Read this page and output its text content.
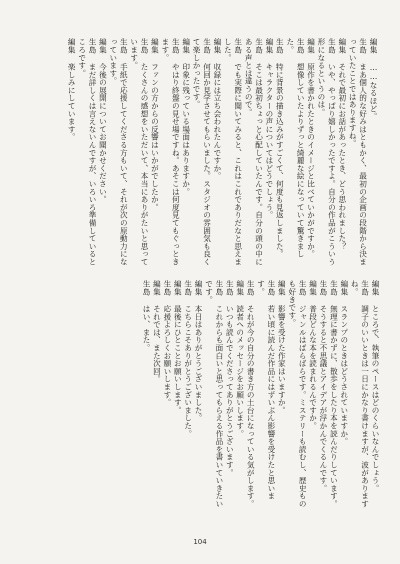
編集 ……なるほど。
生島 まあ個人的な好みはともかく、最初の企画の段階から決まっていたことではありますね。
編集 それで最初にお話があったとき、どう思われました？
生島 いや、やっぱり嬉しかったですよ。自分の作品がこういう形になるというのは。
編集 原作を書かれたときのイメージと比べていかがですか。
生島 想像していたよりずっと綺麗な絵になっていて驚きました。
生島 特に背景の描き込みがすごくて、何度も見返しました。
編集 キャラクターの声についてはどうでしょう。
生島 そこは最初ちょっと心配していたんです。自分の頭の中にある声とは違うので。
生島 でも実際に聞いてみると、これはこれでありだなと思えました。
編集 収録には立ち会われたんですか。
生島 何回か見学させてもらいました。スタジオの雰囲気も良くて楽しかったです。
編集 印象に残っている場面はありますか。
生島 やはり終盤の見せ場ですね。あそこは何度見てもぐっときます。
編集 ファンの方からの反響はいかがでしたか。
生島 たくさんの感想をいただいて、本当にありがたいと思っています。
生島 手紙で応援してくださる方もいて、それが次の原動力になっています。
編集 今後の展開についてお聞かせください。
生島 まだ詳しくは言えないんですが、いろいろ準備しているところです。
編集 楽しみにしています。
編集 ところで、執筆のペースはどのくらいなんでしょう。
生島 調子のいいときは一日にかなり書けますが、波がありますね。
編集 スランプのときはどうされていますか。
生島 無理に書かずに、散歩をしたり本を読んだりしています。
生島 そうすると不思議とアイデアが浮かんでくるんです。
編集 普段どんな本を読まれるんですか。
生島 ジャンルはばらばらです。ミステリーも読むし、歴史ものも好きです。
編集 影響を受けた作家はいますか。
生島 若い頃に読んだ作品にはずいぶん影響を受けたと思います。
生島 それが今の自分の書き方の土台になっている気がします。
編集 読者へのメッセージをお願いします。
生島 いつも読んでくださってありがとうございます。
生島 これからも面白いと思ってもらえる作品を書いていきたいです。
編集 本日はありがとうございました。
生島 こちらこそありがとうございました。
編集 最後にひとことお願いします。
生島 応援よろしくお願いします。
編集 それでは、また次回。
生島 はい、また。
104
